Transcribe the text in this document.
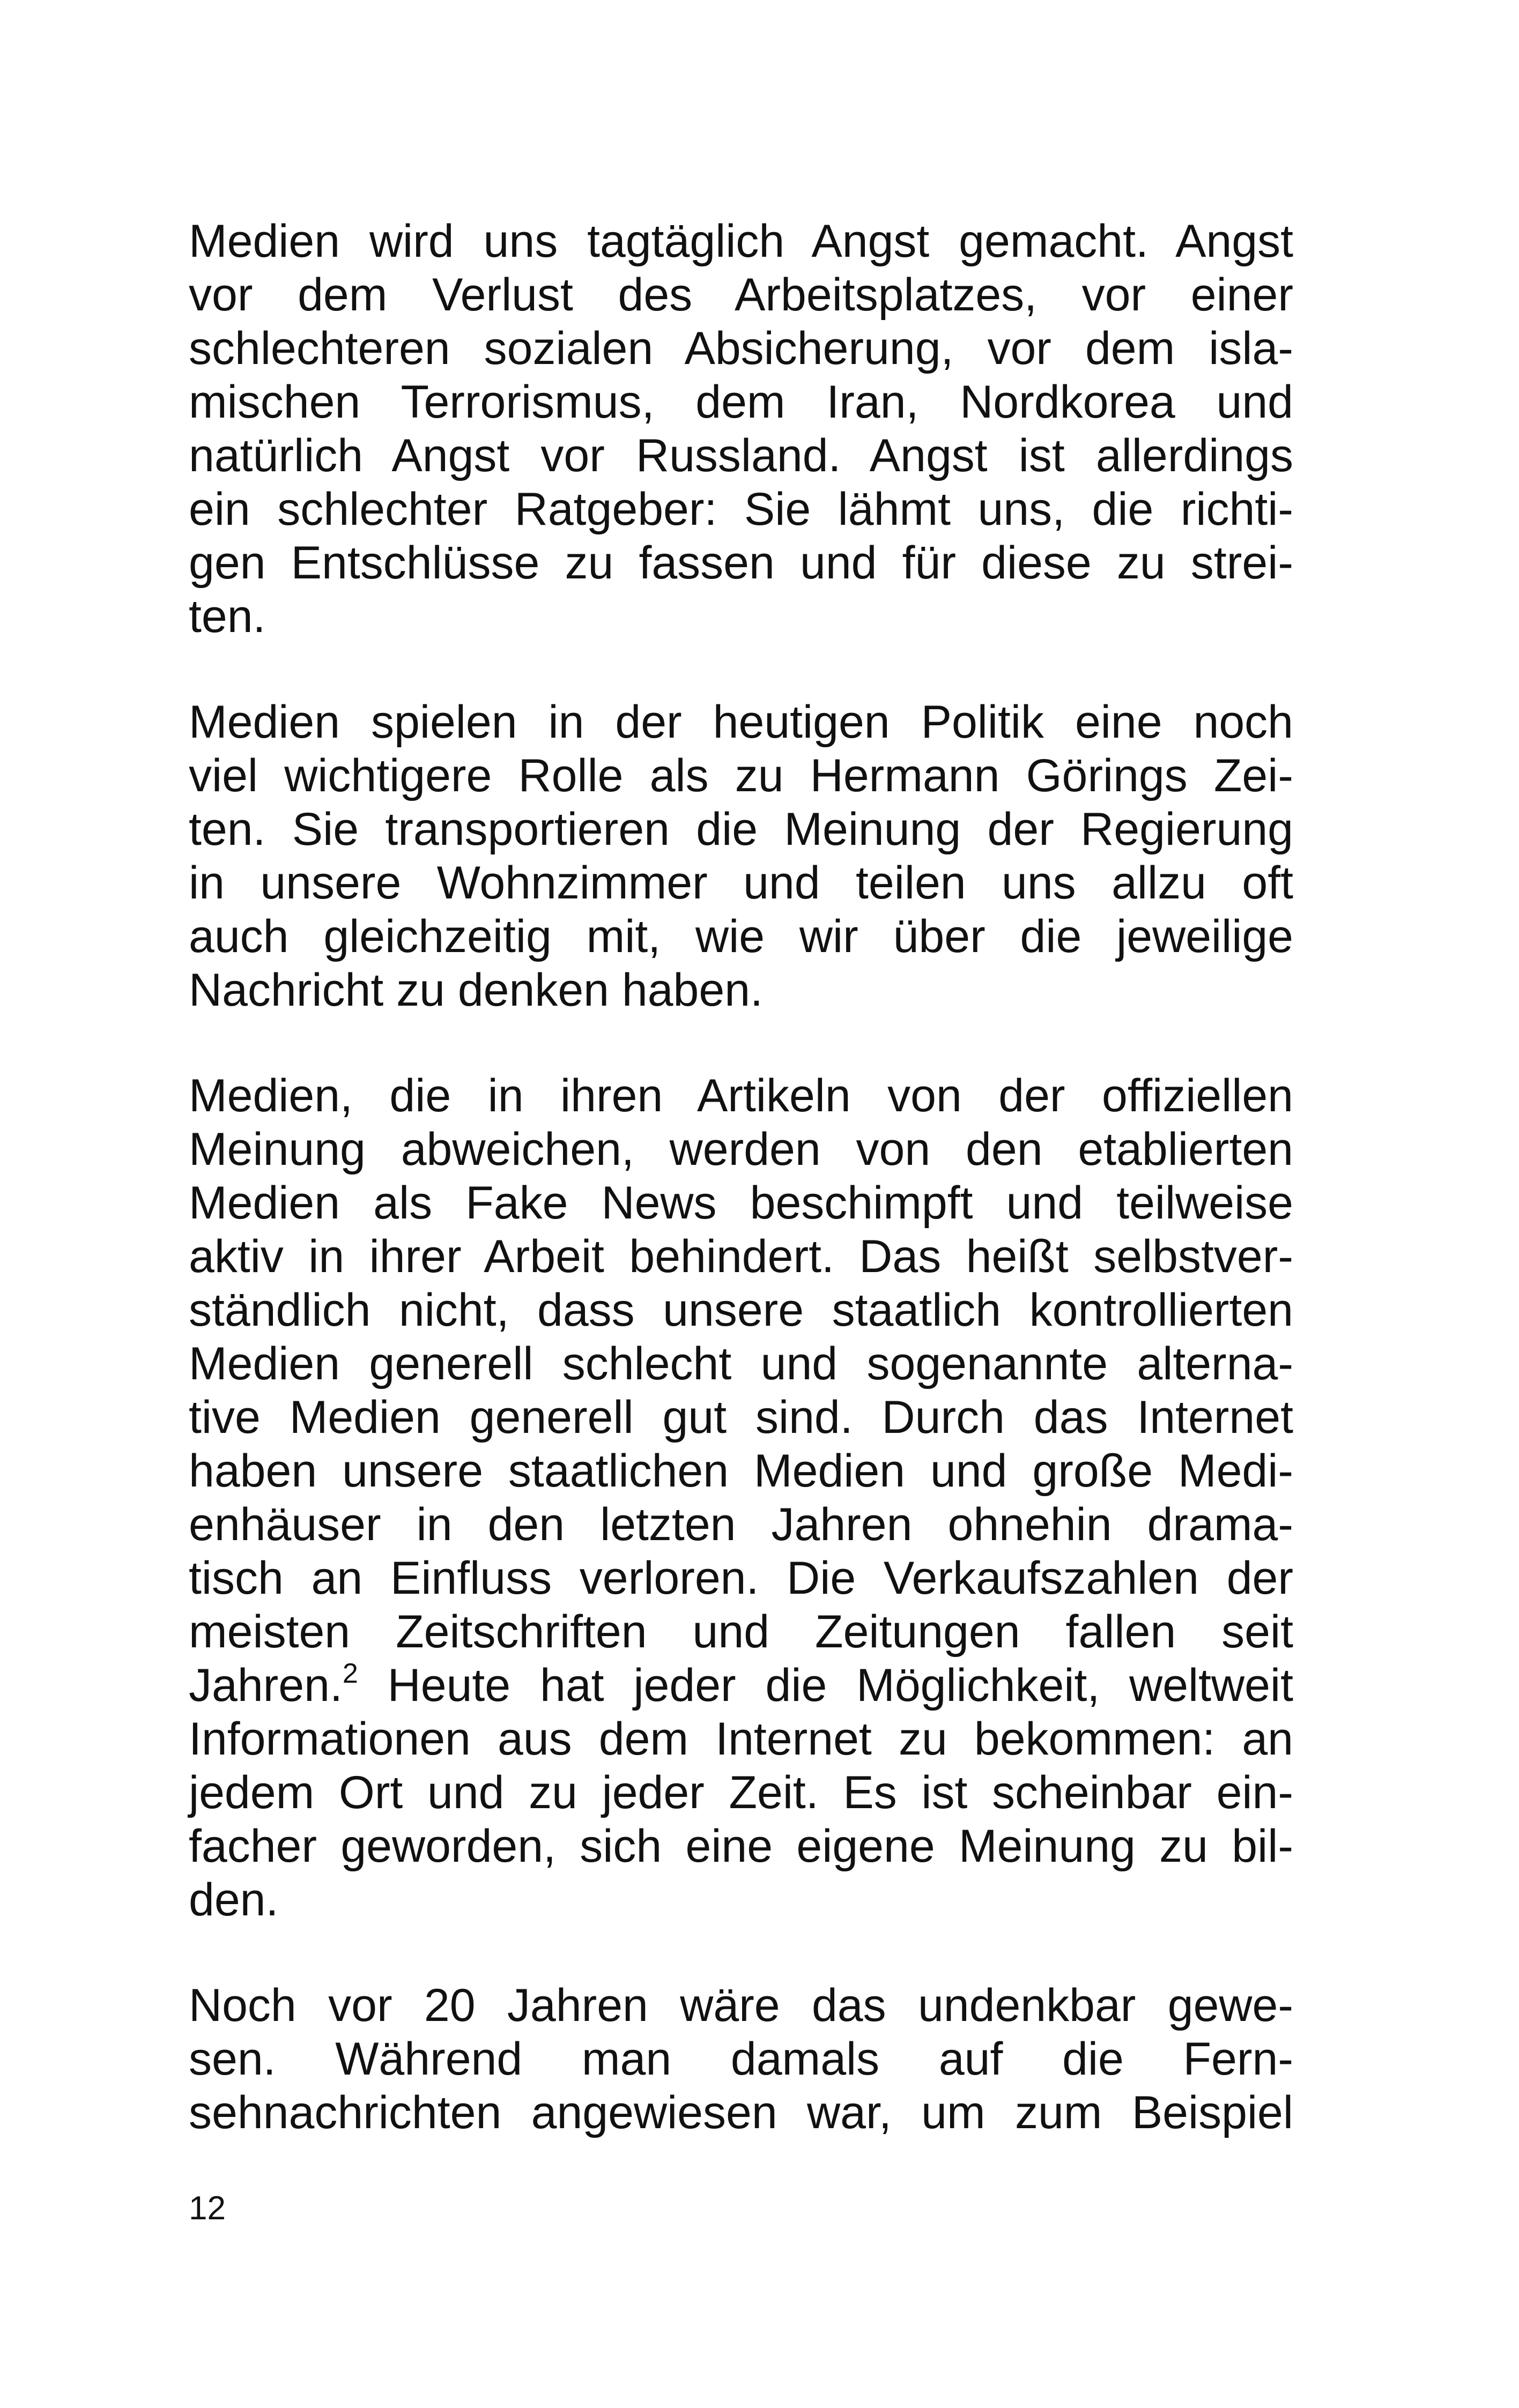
Medien wird uns tagtäglich Angst gemacht. Angst
vor dem Verlust des Arbeitsplatzes, vor einer
schlechteren sozialen Absicherung, vor dem isla-
mischen Terrorismus, dem Iran, Nordkorea und
natürlich Angst vor Russland. Angst ist allerdings
ein schlechter Ratgeber: Sie lähmt uns, die richti-
gen Entschlüsse zu fassen und für diese zu strei-
ten.
Medien spielen in der heutigen Politik eine noch
viel wichtigere Rolle als zu Hermann Görings Zei-
ten. Sie transportieren die Meinung der Regierung
in unsere Wohnzimmer und teilen uns allzu oft
auch gleichzeitig mit, wie wir über die jeweilige
Nachricht zu denken haben.
Medien, die in ihren Artikeln von der offiziellen
Meinung abweichen, werden von den etablierten
Medien als Fake News beschimpft und teilweise
aktiv in ihrer Arbeit behindert. Das heißt selbstver-
ständlich nicht, dass unsere staatlich kontrollierten
Medien generell schlecht und sogenannte alterna-
tive Medien generell gut sind. Durch das Internet
haben unsere staatlichen Medien und große Medi-
enhäuser in den letzten Jahren ohnehin drama-
tisch an Einfluss verloren. Die Verkaufszahlen der
meisten Zeitschriften und Zeitungen fallen seit
Jahren.$^2$ Heute hat jeder die Möglichkeit, weltweit
Informationen aus dem Internet zu bekommen: an
jedem Ort und zu jeder Zeit. Es ist scheinbar ein-
facher geworden, sich eine eigene Meinung zu bil-
den.
Noch vor 20 Jahren wäre das undenkbar gewe-
sen. Während man damals auf die Fern-
sehnachrichten angewiesen war, um zum Beispiel
12
